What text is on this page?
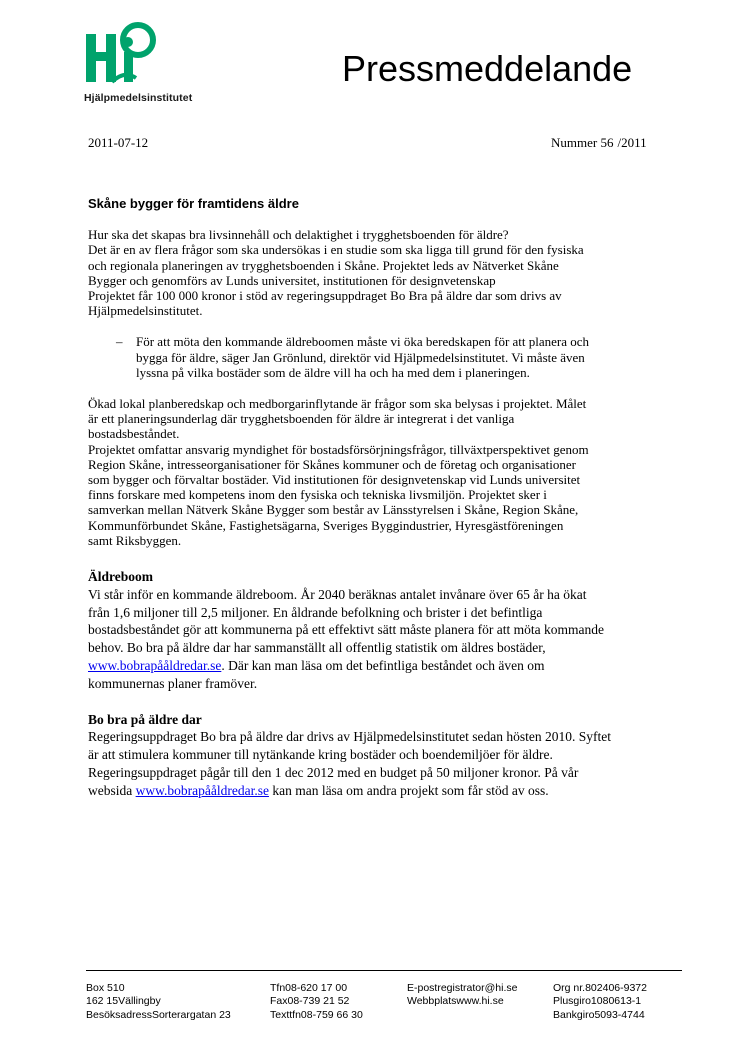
Hjälpmedelsinstitutet
Pressmeddelande
2011-07-12	Nummer 56 /2011
Skåne bygger för framtidens äldre

Hur ska det skapas bra livsinnehåll och delaktighet i trygghetsboenden för äldre?

Det är en av flera frågor som ska undersökas i en studie som ska ligga till grund för den fysiska

och regionala planeringen av trygghetsboenden i Skåne. Projektet leds av Nätverket Skåne

Bygger och genomförs av Lunds universitet, institutionen för designvetenskap

Projektet får 100 000 kronor i stöd av regeringsuppdraget Bo Bra på äldre dar som drivs av

Hjälpmedelsinstitutet.

– För att möta den kommande äldreboomen måste vi öka beredskapen för att planera och

bygga för äldre, säger Jan Grönlund, direktör vid Hjälpmedelsinstitutet. Vi måste även

lyssna på vilka bostäder som de äldre vill ha och ha med dem i planeringen.

Ökad lokal planberedskap och medborgarinflytande är frågor som ska belysas i projektet. Målet

är ett planeringsunderlag där trygghetsboenden för äldre är integrerat i det vanliga

bostadsbeståndet.

Projektet omfattar ansvarig myndighet för bostadsförsörjningsfrågor, tillväxtperspektivet genom

Region Skåne, intresseorganisationer för Skånes kommuner och de företag och organisationer

som bygger och förvaltar bostäder. Vid institutionen för designvetenskap vid Lunds universitet

finns forskare med kompetens inom den fysiska och tekniska livsmiljön. Projektet sker i

samverkan mellan Nätverk Skåne Bygger som består av Länsstyrelsen i Skåne, Region Skåne,

Kommunförbundet Skåne, Fastighetsägarna, Sveriges Byggindustrier, Hyresgästföreningen

samt Riksbyggen.

Äldreboom

Vi står inför en kommande äldreboom. År 2040 beräknas antalet invånare över 65 år ha ökat

från 1,6 miljoner till 2,5 miljoner. En åldrande befolkning och brister i det befintliga

bostadsbeståndet gör att kommunerna på ett effektivt sätt måste planera för att möta kommande

behov. Bo bra på äldre dar har sammanställt all offentlig statistik om äldres bostäder,

www.bobrapååldredar.se. Där kan man läsa om det befintliga beståndet och även om

kommunernas planer framöver.

Bo bra på äldre dar

Regeringsuppdraget Bo bra på äldre dar drivs av Hjälpmedelsinstitutet sedan hösten 2010. Syftet

är att stimulera kommuner till nytänkande kring bostäder och boendemiljöer för äldre.

Regeringsuppdraget pågår till den 1 dec 2012 med en budget på 50 miljoner kronor. På vår

websida www.bobrapååldredar.se kan man läsa om andra projekt som får stöd av oss.

Box 510
162 15Vällingby
BesöksadressSorterargatan 23
Tfn08-620 17 00
Fax08-739 21 52
Texttfn08-759 66 30
E-postregistrator@hi.se
Webbplatswww.hi.se
Org nr.802406-9372
Plusgiro1080613-1
Bankgiro5093-4744
